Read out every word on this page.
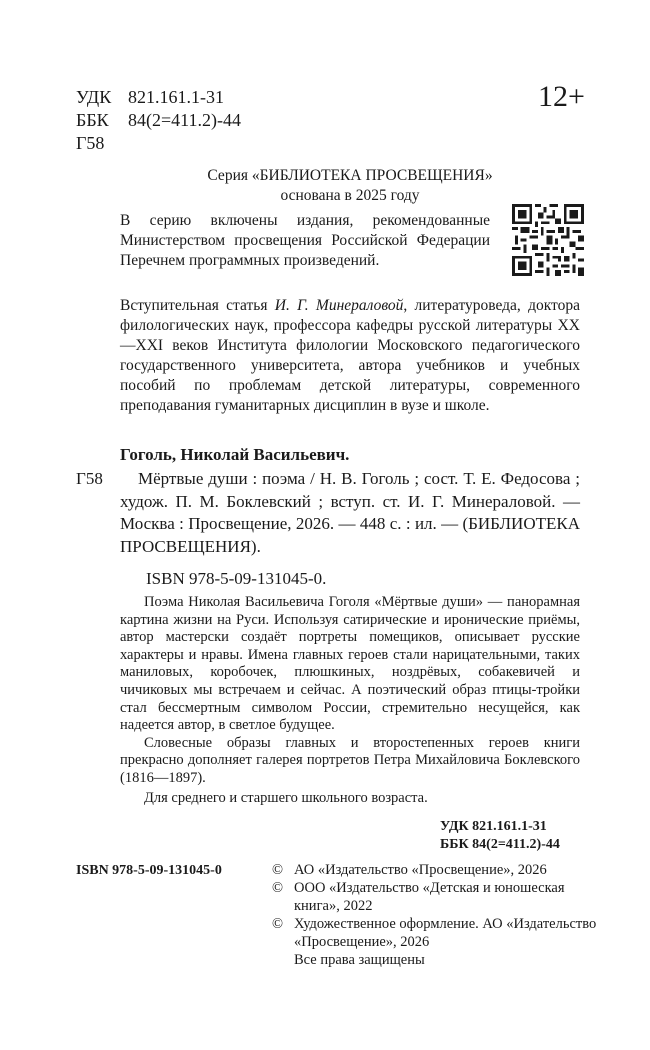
УДК 821.161.1-31
ББК	84(2=411.2)-44
Г58
12+
Серия «БИБЛИОТЕКА ПРОСВЕЩЕНИЯ»
основана в 2025 году
В серию включены издания, рекомендованные Министерством просвещения Российской Федерации Перечнем программных произведений.
Вступительная статья И. Г. Минераловой, литературоведа, доктора филологических наук, профессора кафедры русской литературы XX—XXI веков Института филологии Московского педагогического государственного университета, автора учебников и учебных пособий по проблемам детской литературы, современного преподавания гуманитарных дисциплин в вузе и школе.
Гоголь, Николай Васильевич.
Г58	Мёртвые души : поэма / Н. В. Гоголь ; сост. Т. Е. Федосова ; худож. П. М. Боклевский ; вступ. ст. И. Г. Минераловой. — Москва : Просвещение, 2026. — 448 с. : ил. — (БИБЛИОТЕКА ПРОСВЕЩЕНИЯ).
ISBN 978-5-09-131045-0.

Поэма Николая Васильевича Гоголя «Мёртвые души» — панорамная картина жизни на Руси. Используя сатирические и иронические приёмы, автор мастерски создаёт портреты помещиков, описывает русские характеры и нравы. Имена главных героев стали нарицательными, таких маниловых, коробочек, плюшкиных, ноздрёвых, собакевичей и чичиковых мы встречаем и сейчас. А поэтический образ птицы-тройки стал бессмертным символом России, стремительно несущейся, как надеется автор, в светлое будущее.

Словесные образы главных и второстепенных героев книги прекрасно дополняет галерея портретов Петра Михайловича Боклевского (1816—1897).

Для среднего и старшего школьного возраста.
УДК 821.161.1-31
ББК 84(2=411.2)-44
ISBN 978-5-09-131045-0	© АО «Издательство «Просвещение», 2026
© ООО «Издательство «Детская и юношеская книга», 2022
© Художественное оформление. АО «Издательство «Просвещение», 2026
Все права защищены
